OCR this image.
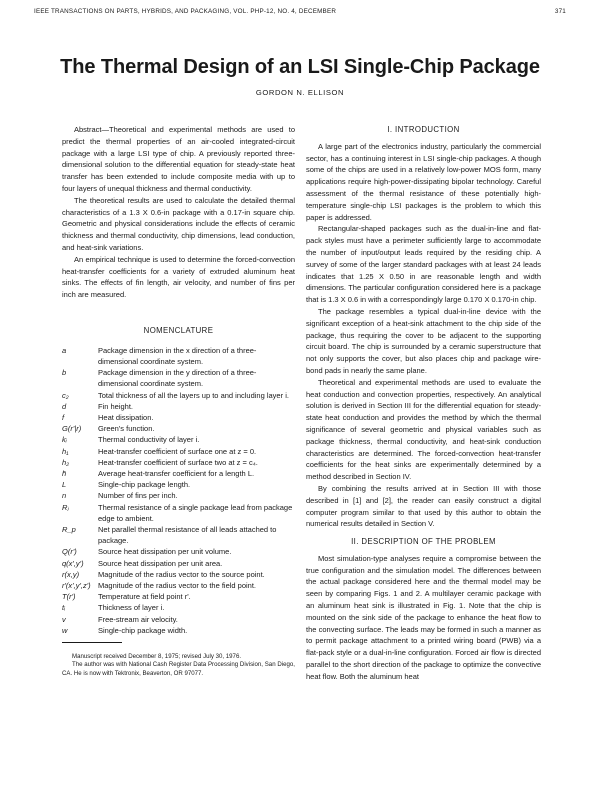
IEEE TRANSACTIONS ON PARTS, HYBRIDS, AND PACKAGING, VOL. PHP-12, NO. 4, DECEMBER	371
The Thermal Design of an LSI Single-Chip Package
GORDON N. ELLISON

Abstract—Theoretical and experimental methods are used to predict the thermal properties of an air-cooled integrated-circuit package with a large LSI type of chip. A previously reported three-dimensional solution to the differential equation for steady-state heat transfer has been extended to include composite media with up to four layers of unequal thickness and thermal conductivity.

The theoretical results are used to calculate the detailed thermal characteristics of a 1.3 X 0.6-in package with a 0.17-in square chip. Geometric and physical considerations include the effects of ceramic thickness and thermal conductivity, chip dimensions, lead conduction, and heat-sink variations.

An empirical technique is used to determine the forced-convection heat-transfer coefficients for a variety of extruded aluminum heat sinks. The effects of fin length, air velocity, and number of fins per inch are measured.

NOMENCLATURE
a	Package dimension in the x direction of a three-dimensional coordinate system.
b	Package dimension in the y direction of a three-dimensional coordinate system.
c₂	Total thickness of all the layers up to and including layer i.
d	Fin height.
f	Heat dissipation.
G(r'|r)	Green's function.
kᵢ	Thermal conductivity of layer i.
h₁	Heat-transfer coefficient of surface one at z = 0.
h₂	Heat-transfer coefficient of surface two at z = c₄.
h̄	Average heat-transfer coefficient for a length L.
L	Single-chip package length.
n	Number of fins per inch.
Rⱼ	Thermal resistance of a single package lead from package edge to ambient.
R_p	Net parallel thermal resistance of all leads attached to package.
Q(r')	Source heat dissipation per unit volume.
q(x',y')	Source heat dissipation per unit area.
r(x,y)	Magnitude of the radius vector to the source point.
r'(x',y',z') Magnitude of the radius vector to the field point.
T(r')	Temperature at field point r'.
tᵢ	Thickness of layer i.
v	Free-stream air velocity.
w	Single-chip package width.

Manuscript received December 8, 1975; revised July 30, 1976.

The author was with National Cash Register Data Processing Division, San Diego, CA. He is now with Tektronix, Beaverton, OR 97077.

I. INTRODUCTION

A large part of the electronics industry, particularly the commercial sector, has a continuing interest in LSI single-chip packages. A though some of the chips are used in a relatively low-power MOS form, many applications require high-power-dissipating bipolar technology. Careful assessment of the thermal resistance of these potentially high-temperature single-chip LSI packages is the problem to which this paper is addressed.

Rectangular-shaped packages such as the dual-in-line and flat-pack styles must have a perimeter sufficiently large to accommodate the number of input/output leads required by the residing chip. A survey of some of the larger standard packages with at least 24 leads indicates that 1.25 X 0.50 in are reasonable length and width dimensions. The particular configuration considered here is a package that is 1.3 X 0.6 in with a correspondingly large 0.170 X 0.170-in chip.

The package resembles a typical dual-in-line device with the significant exception of a heat-sink attachment to the chip side of the package, thus requiring the cover to be adjacent to the supporting circuit board. The chip is surrounded by a ceramic superstructure that not only supports the cover, but also places chip and package wire-bond pads in nearly the same plane.

Theoretical and experimental methods are used to evaluate the heat conduction and convection properties, respectively. An analytical solution is derived in Section III for the differential equation for steady-state heat conduction and provides the method by which the thermal significance of several geometric and physical variables such as package thickness, thermal conductivity, and heat-sink conduction characteristics are determined. The forced-convection heat-transfer coefficients for the heat sinks are experimentally determined by a method described in Section IV.

By combining the results arrived at in Section III with those described in [1] and [2], the reader can easily construct a digital computer program similar to that used by this author to obtain the numerical results detailed in Section V.

II. DESCRIPTION OF THE PROBLEM

Most simulation-type analyses require a compromise between the true configuration and the simulation model. The differences between the actual package considered here and the thermal model may be seen by comparing Figs. 1 and 2. A multilayer ceramic package with an aluminum heat sink is illustrated in Fig. 1. Note that the chip is mounted on the sink side of the package to enhance the heat flow to the convecting surface. The leads may be formed in such a manner as to permit package attachment to a printed wiring board (PWB) via a flat-pack style or a dual-in-line configuration. Forced air flow is directed parallel to the short direction of the package to optimize the convective heat flow. Both the aluminum heat
